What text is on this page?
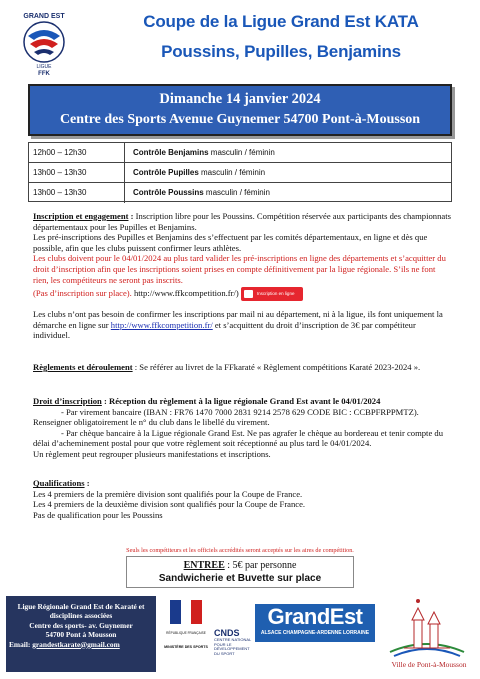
GRAND EST
LIGUE
FFK
Coupe de la Ligue Grand Est KATA
Poussins, Pupilles, Benjamins
Dimanche 14 janvier 2024
Centre des Sports Avenue Guynemer 54700 Pont-à-Mousson
12h00 – 12h30	Contrôle Benjamins masculin / féminin
13h00 – 13h30	Contrôle Pupilles masculin / féminin
13h00 – 13h30	Contrôle Poussins masculin / féminin

Inscription et engagement : Inscription libre pour les Poussins. Compétition réservée aux participants des championnats départementaux pour les Pupilles et Benjamins.

Les pré-inscriptions des Pupilles et Benjamins des s’effectuent par les comités départementaux, en ligne et dès que possible, afin que les clubs puissent confirmer leurs athlètes.

Les clubs doivent pour le 04/01/2024 au plus tard valider les pré-inscriptions en ligne des départements et s’acquitter du droit d’inscription afin que les inscriptions soient prises en compte définitivement par la ligue régionale. S’ils ne font rien, les compétiteurs ne seront pas inscrits.

(Pas d’inscription sur place). http://www.ffkcompetition.fr/)	Inscription en ligne

Les clubs n’ont pas besoin de confirmer les inscriptions par mail ni au département, ni à la ligue, ils font uniquement la démarche en ligne sur http://www.ffkcompetition.fr/ et s’acquittent du droit d’inscription de 3€ par compétiteur individuel.

Règlements et déroulement : Se référer au livret de la FFkaraté « Règlement compétitions Karaté 2023-2024 ».

Droit d’inscription : Réception du règlement à la ligue régionale Grand Est avant le 04/01/2024

- Par virement bancaire (IBAN : FR76 1470 7000 2831 9214 2578 629 CODE BIC : CCBPFRPPMTZ). Renseigner obligatoirement le n° du club dans le libellé du virement.

- Par chèque bancaire à la Ligue régionale Grand Est. Ne pas agrafer le chèque au bordereau et tenir compte du délai d’acheminement postal pour que votre règlement soit réceptionné au plus tard le 04/01/2024.

Un règlement peut regrouper plusieurs manifestations et inscriptions.

Qualifications :

Les 4 premiers de la première division sont qualifiés pour la Coupe de France.

Les 4 premiers de la deuxième division sont qualifiés pour la Coupe de France.

Pas de qualification pour les Poussins

Seuls les compétiteurs et les officiels accrédités seront acceptés sur les aires de compétition.
ENTREE : 5€ par personne
Sandwicherie et Buvette sur place
Ligue Régionale Grand Est de Karaté et disciplines associées
Centre des sports- av. Guynemer
54700 Pont à Mousson
Email: grandestkarate@gmail.com
RÉPUBLIQUE FRANÇAISE
MINISTÈRE DES SPORTS
CNDS
CENTRE NATIONAL POUR LE DÉVELOPPEMENT DU SPORT
GrandEst
ALSACE CHAMPAGNE-ARDENNE LORRAINE
Ville de Pont-à-Mousson
